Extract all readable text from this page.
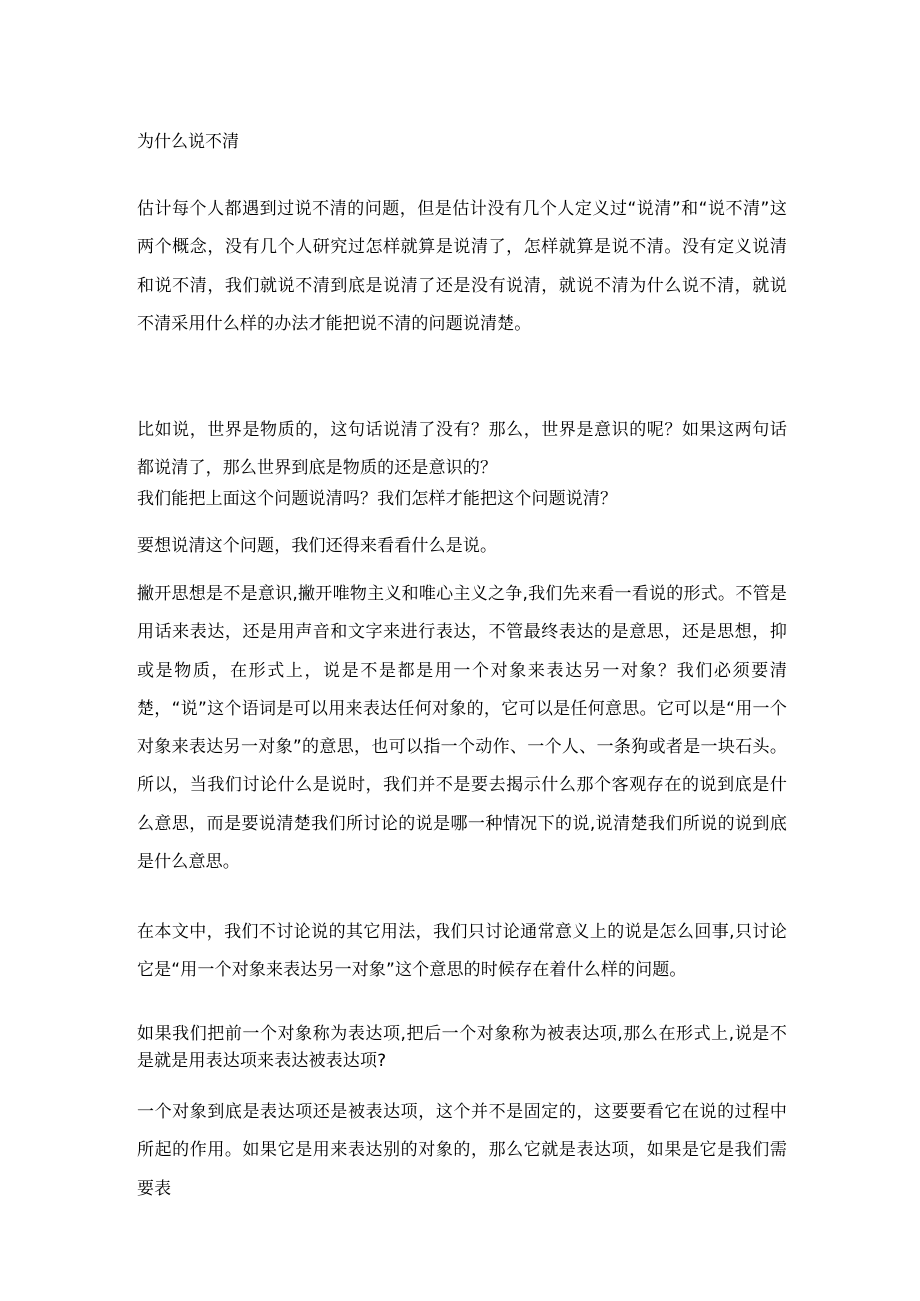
为什么说不清

估计每个人都遇到过说不清的问题，但是估计没有几个人定义过“说清”和“说不清”这两个概念，没有几个人研究过怎样就算是说清了，怎样就算是说不清。没有定义说清和说不清，我们就说不清到底是说清了还是没有说清，就说不清为什么说不清，就说不清采用什么样的办法才能把说不清的问题说清楚。

比如说，世界是物质的，这句话说清了没有？那么，世界是意识的呢？如果这两句话都说清了，那么世界到底是物质的还是意识的？

我们能把上面这个问题说清吗？我们怎样才能把这个问题说清？

要想说清这个问题，我们还得来看看什么是说。

撇开思想是不是意识,撇开唯物主义和唯心主义之争,我们先来看一看说的形式。不管是用话来表达，还是用声音和文字来进行表达，不管最终表达的是意思，还是思想，抑或是物质，在形式上，说是不是都是用一个对象来表达另一对象？我们必须要清楚，“说”这个语词是可以用来表达任何对象的，它可以是任何意思。它可以是“用一个对象来表达另一对象”的意思，也可以指一个动作、一个人、一条狗或者是一块石头。所以，当我们讨论什么是说时，我们并不是要去揭示什么那个客观存在的说到底是什么意思，而是要说清楚我们所讨论的说是哪一种情况下的说,说清楚我们所说的说到底是什么意思。

在本文中，我们不讨论说的其它用法，我们只讨论通常意义上的说是怎么回事,只讨论它是“用一个对象来表达另一对象”这个意思的时候存在着什么样的问题。

如果我们把前一个对象称为表达项,把后一个对象称为被表达项,那么在形式上,说是不是就是用表达项来表达被表达项?

一个对象到底是表达项还是被表达项，这个并不是固定的，这要要看它在说的过程中所起的作用。如果它是用来表达别的对象的，那么它就是表达项，如果是它是我们需要表
